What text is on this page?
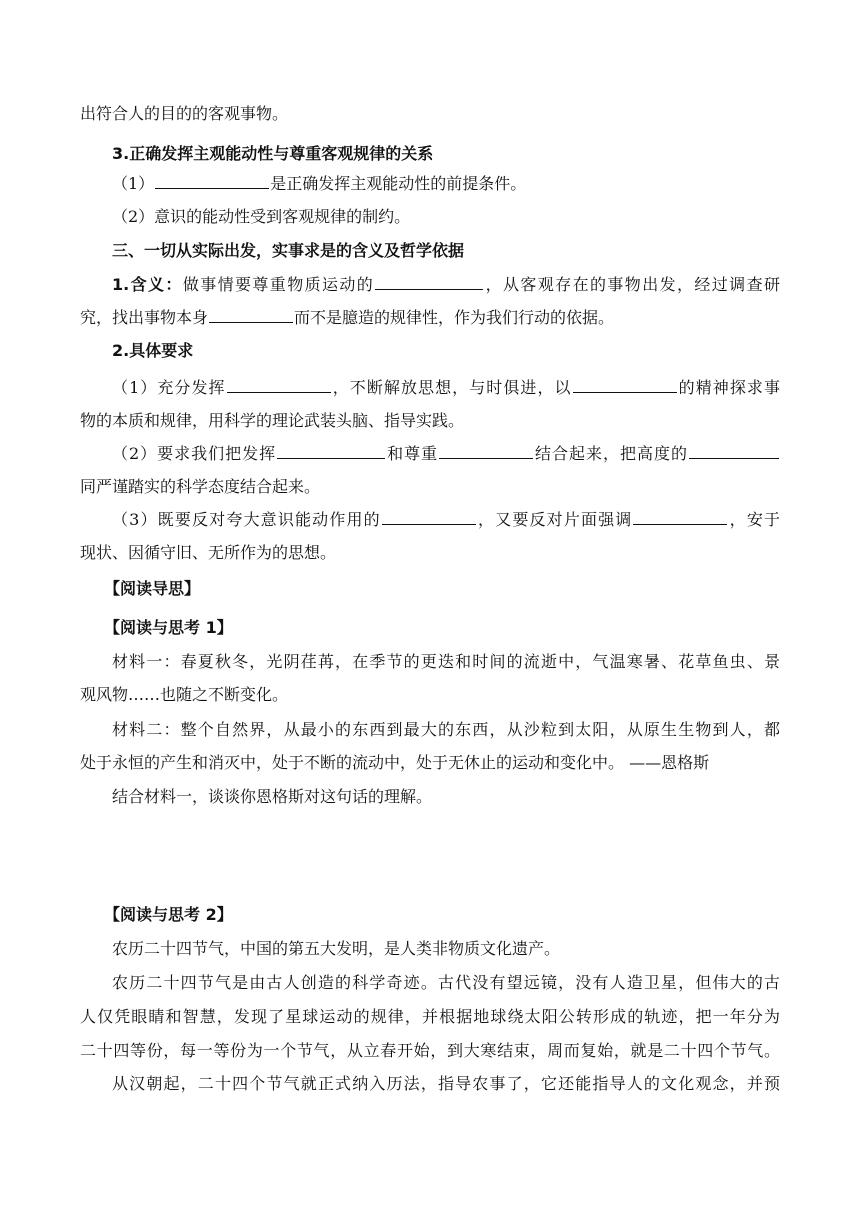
出符合人的目的的客观事物。
3.正确发挥主观能动性与尊重客观规律的关系
（1）	是正确发挥主观能动性的前提条件。
（2）意识的能动性受到客观规律的制约。
三、一切从实际出发，实事求是的含义及哲学依据
1.含义：做事情要尊重物质运动的	，从客观存在的事物出发，经过调查研
究，找出事物本身	而不是臆造的规律性，作为我们行动的依据。
2.具体要求
（1）充分发挥	，不断解放思想，与时俱进，以	的精神探求事
物的本质和规律，用科学的理论武装头脑、指导实践。
（2）要求我们把发挥	和尊重	结合起来，把高度的
同严谨踏实的科学态度结合起来。
（3）既要反对夸大意识能动作用的	，又要反对片面强调	，安于
现状、因循守旧、无所作为的思想。
【阅读导思】
【阅读与思考 1】
材料一：春夏秋冬，光阴荏苒，在季节的更迭和时间的流逝中，气温寒暑、花草鱼虫、景
观风物……也随之不断变化。
材料二：整个自然界，从最小的东西到最大的东西，从沙粒到太阳，从原生生物到人，都
处于永恒的产生和消灭中，处于不断的流动中，处于无休止的运动和变化中。 ——恩格斯
结合材料一，谈谈你恩格斯对这句话的理解。
【阅读与思考 2】
农历二十四节气，中国的第五大发明，是人类非物质文化遗产。
农历二十四节气是由古人创造的科学奇迹。古代没有望远镜，没有人造卫星，但伟大的古
人仅凭眼睛和智慧，发现了星球运动的规律，并根据地球绕太阳公转形成的轨迹，把一年分为
二十四等份，每一等份为一个节气，从立春开始，到大寒结束，周而复始，就是二十四个节气。
从汉朝起，二十四个节气就正式纳入历法，指导农事了，它还能指导人的文化观念，并预
